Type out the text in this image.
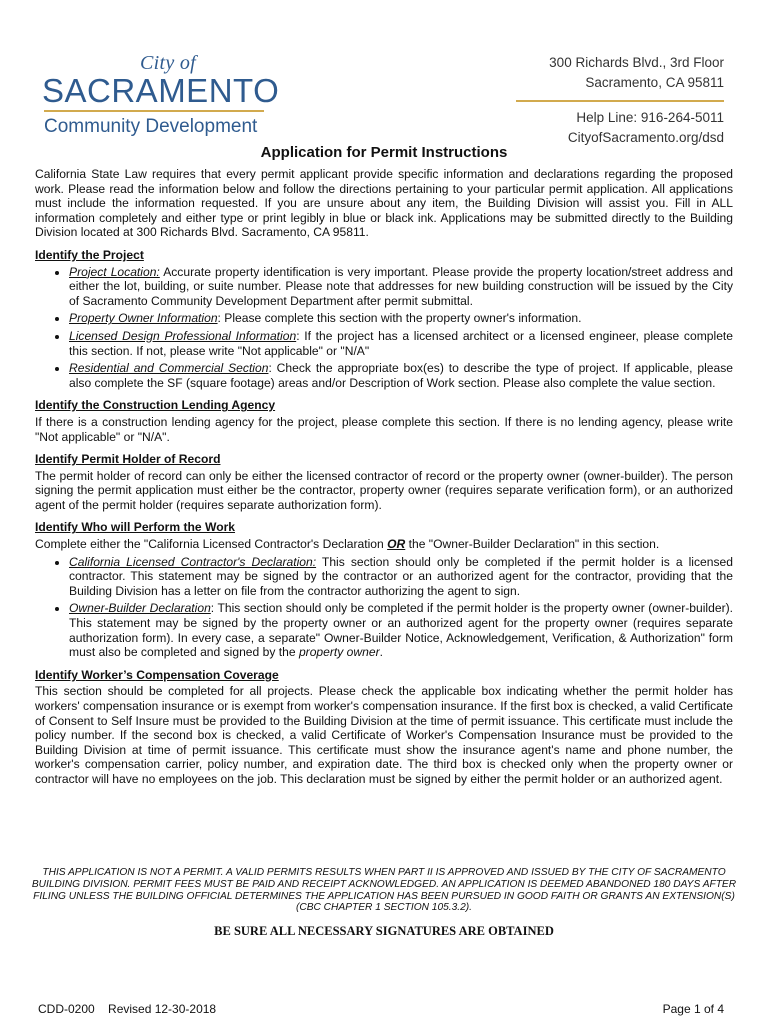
City of
SACRAMENTO
Community Development
300 Richards Blvd., 3rd Floor
Sacramento, CA 95811
Help Line: 916-264-5011
CityofSacramento.org/dsd
Application for Permit Instructions

California State Law requires that every permit applicant provide specific information and declarations regarding the proposed work. Please read the information below and follow the directions pertaining to your particular permit application. All applications must include the information requested. If you are unsure about any item, the Building Division will assist you. Fill in ALL information completely and either type or print legibly in blue or black ink. Applications may be submitted directly to the Building Division located at 300 Richards Blvd. Sacramento, CA 95811.

Identify the Project
• Project Location: Accurate property identification is very important. Please provide the property location/street address and either the lot, building, or suite number. Please note that addresses for new building construction will be issued by the City of Sacramento Community Development Department after permit submittal.
• Property Owner Information: Please complete this section with the property owner's information.
• Licensed Design Professional Information: If the project has a licensed architect or a licensed engineer, please complete this section. If not, please write "Not applicable" or "N/A"
• Residential and Commercial Section: Check the appropriate box(es) to describe the type of project. If applicable, please also complete the SF (square footage) areas and/or Description of Work section. Please also complete the value section.
Identify the Construction Lending Agency

If there is a construction lending agency for the project, please complete this section. If there is no lending agency, please write "Not applicable" or "N/A".

Identify Permit Holder of Record

The permit holder of record can only be either the licensed contractor of record or the property owner (owner-builder). The person signing the permit application must either be the contractor, property owner (requires separate verification form), or an authorized agent of the permit holder (requires separate authorization form).

Identify Who will Perform the Work

Complete either the "California Licensed Contractor's Declaration OR the "Owner-Builder Declaration" in this section.

• California Licensed Contractor's Declaration: This section should only be completed if the permit holder is a licensed contractor. This statement may be signed by the contractor or an authorized agent for the contractor, providing that the Building Division has a letter on file from the contractor authorizing the agent to sign.
• Owner-Builder Declaration: This section should only be completed if the permit holder is the property owner (owner-builder). This statement may be signed by the property owner or an authorized agent for the property owner (requires separate authorization form). In every case, a separate" Owner-Builder Notice, Acknowledgement, Verification, & Authorization" form must also be completed and signed by the property owner.
Identify Worker’s Compensation Coverage

This section should be completed for all projects. Please check the applicable box indicating whether the permit holder has workers' compensation insurance or is exempt from worker's compensation insurance. If the first box is checked, a valid Certificate of Consent to Self Insure must be provided to the Building Division at the time of permit issuance. This certificate must include the policy number. If the second box is checked, a valid Certificate of Worker's Compensation Insurance must be provided to the Building Division at time of permit issuance. This certificate must show the insurance agent's name and phone number, the worker's compensation carrier, policy number, and expiration date. The third box is checked only when the property owner or contractor will have no employees on the job. This declaration must be signed by either the permit holder or an authorized agent.

THIS APPLICATION IS NOT A PERMIT. A VALID PERMITS RESULTS WHEN PART II IS APPROVED AND ISSUED BY THE CITY OF SACRAMENTO BUILDING DIVISION. PERMIT FEES MUST BE PAID AND RECEIPT ACKNOWLEDGED. AN APPLICATION IS DEEMED ABANDONED 180 DAYS AFTER FILING UNLESS THE BUILDING OFFICIAL DETERMINES THE APPLICATION HAS BEEN PURSUED IN GOOD FAITH OR GRANTS AN EXTENSION(S) (CBC CHAPTER 1 SECTION 105.3.2).
BE SURE ALL NECESSARY SIGNATURES ARE OBTAINED
CDD-0200    Revised 12-30-2018	Page 1 of 4
